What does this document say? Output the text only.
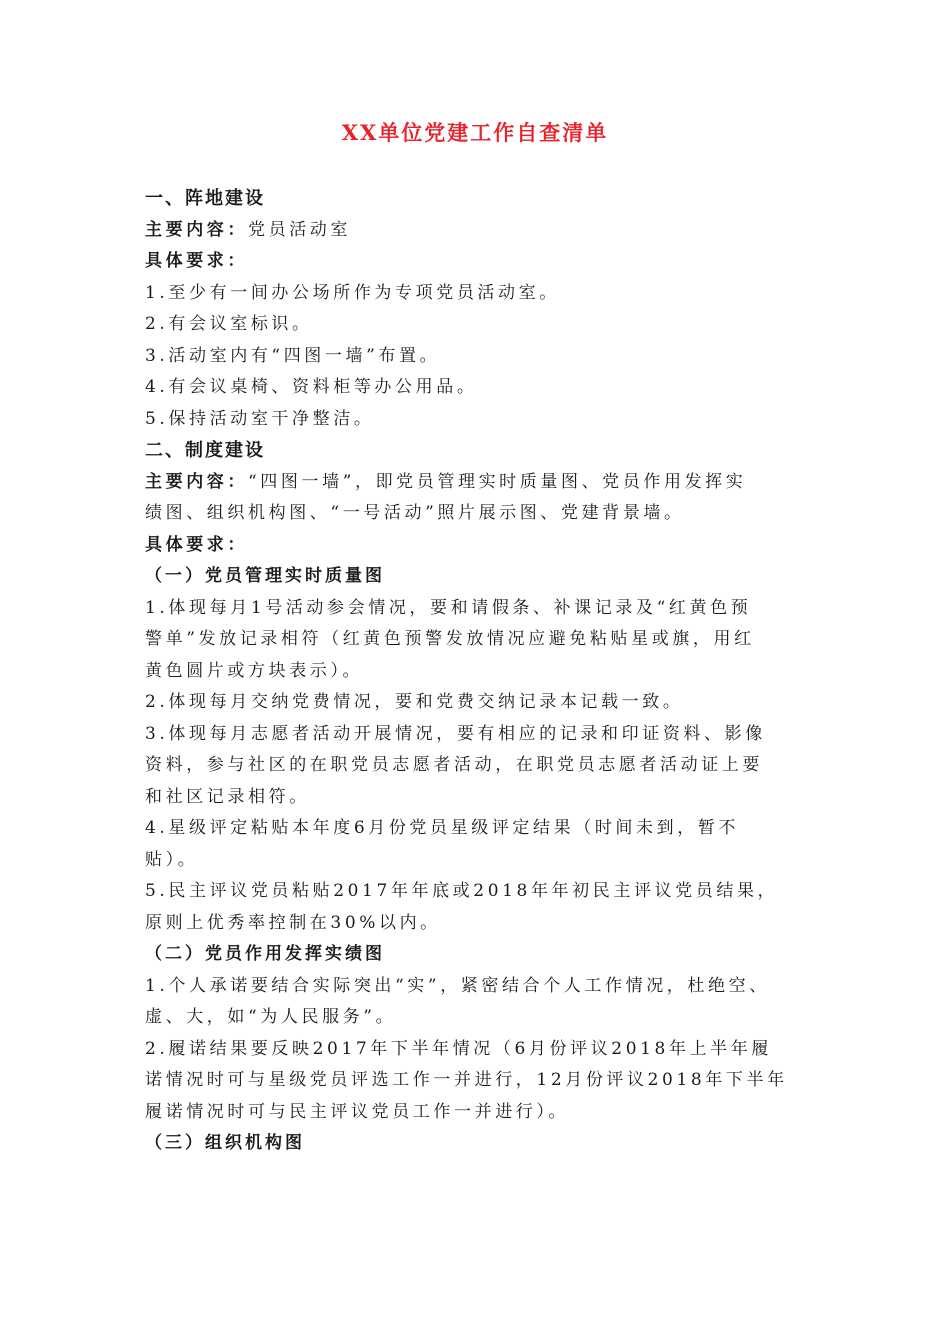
XX单位党建工作自查清单

一、阵地建设

主要内容：党员活动室

具体要求：

1.至少有一间办公场所作为专项党员活动室。

2.有会议室标识。

3.活动室内有“四图一墙”布置。

4.有会议桌椅、资料柜等办公用品。

5.保持活动室干净整洁。

二、制度建设

主要内容：“四图一墙”，即党员管理实时质量图、党员作用发挥实

绩图、组织机构图、“一号活动”照片展示图、党建背景墙。

具体要求：

（一）党员管理实时质量图

1.体现每月1号活动参会情况，要和请假条、补课记录及“红黄色预

警单”发放记录相符（红黄色预警发放情况应避免粘贴星或旗，用红

黄色圆片或方块表示）。

2.体现每月交纳党费情况，要和党费交纳记录本记载一致。

3.体现每月志愿者活动开展情况，要有相应的记录和印证资料、影像

资料，参与社区的在职党员志愿者活动，在职党员志愿者活动证上要

和社区记录相符。

4.星级评定粘贴本年度6月份党员星级评定结果（时间未到，暂不

贴）。

5.民主评议党员粘贴2017年年底或2018年年初民主评议党员结果，

原则上优秀率控制在30%以内。

（二）党员作用发挥实绩图

1.个人承诺要结合实际突出“实”，紧密结合个人工作情况，杜绝空、

虚、大，如“为人民服务”。

2.履诺结果要反映2017年下半年情况（6月份评议2018年上半年履

诺情况时可与星级党员评选工作一并进行，12月份评议2018年下半年

履诺情况时可与民主评议党员工作一并进行）。

（三）组织机构图
